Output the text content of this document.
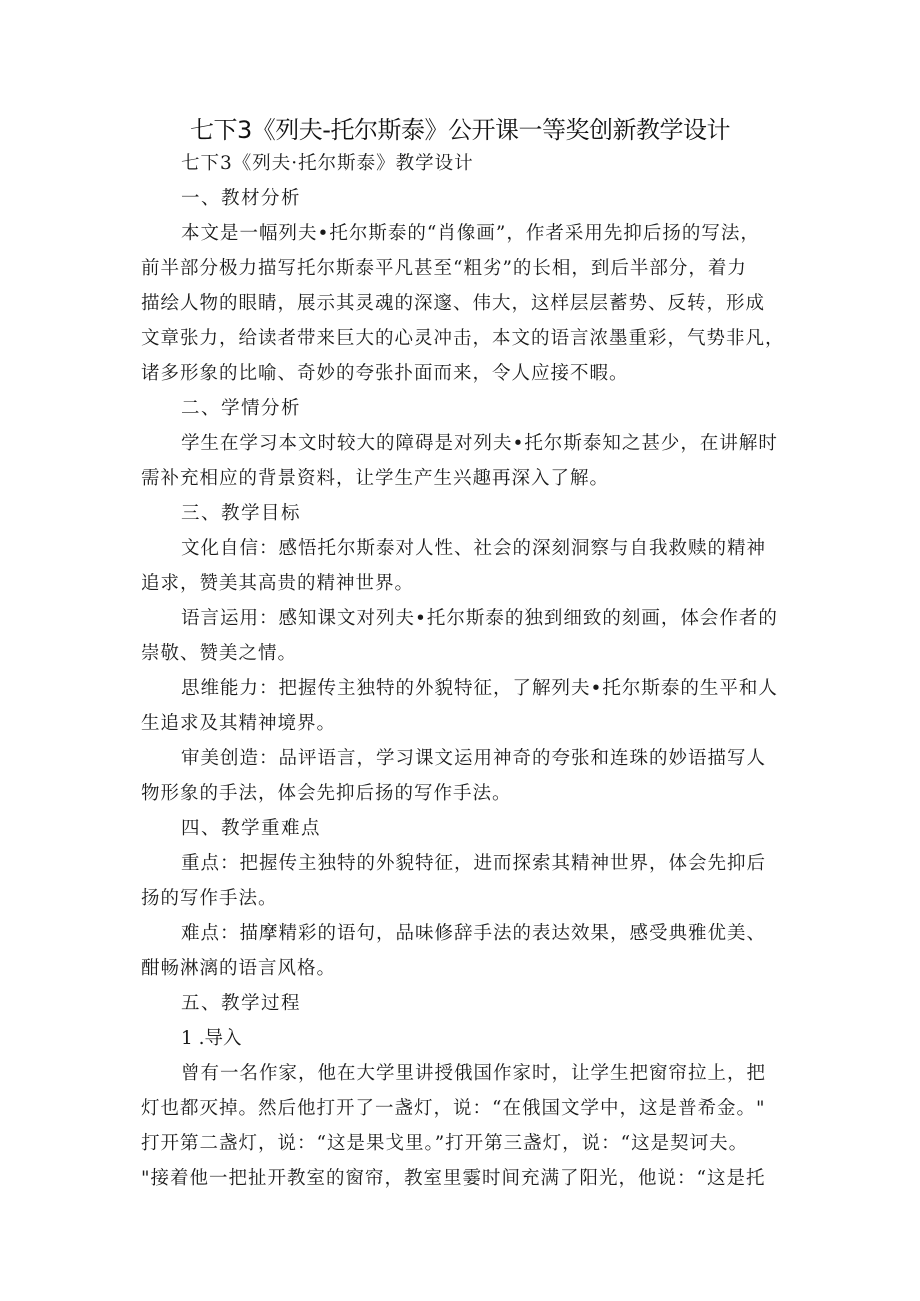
七下3《列夫-托尔斯泰》公开课一等奖创新教学设计
七下3《列夫·托尔斯泰》教学设计
一、教材分析
本文是一幅列夫•托尔斯泰的“肖像画”，作者采用先抑后扬的写法，
前半部分极力描写托尔斯泰平凡甚至“粗劣”的长相，到后半部分，着力
描绘人物的眼睛，展示其灵魂的深邃、伟大，这样层层蓄势、反转，形成
文章张力，给读者带来巨大的心灵冲击，本文的语言浓墨重彩，气势非凡，
诸多形象的比喻、奇妙的夸张扑面而来，令人应接不暇。
二、学情分析
学生在学习本文时较大的障碍是对列夫•托尔斯泰知之甚少，在讲解时
需补充相应的背景资料，让学生产生兴趣再深入了解。
三、教学目标
文化自信：感悟托尔斯泰对人性、社会的深刻洞察与自我救赎的精神
追求，赞美其高贵的精神世界。
语言运用：感知课文对列夫•托尔斯泰的独到细致的刻画，体会作者的
崇敬、赞美之情。
思维能力：把握传主独特的外貌特征，了解列夫•托尔斯泰的生平和人
生追求及其精神境界。
审美创造：品评语言，学习课文运用神奇的夸张和连珠的妙语描写人
物形象的手法，体会先抑后扬的写作手法。
四、教学重难点
重点：把握传主独特的外貌特征，进而探索其精神世界，体会先抑后
扬的写作手法。
难点：描摩精彩的语句，品味修辞手法的表达效果，感受典雅优美、
酣畅淋漓的语言风格。
五、教学过程
1 .导入
曾有一名作家，他在大学里讲授俄国作家时，让学生把窗帘拉上，把
灯也都灭掉。然后他打开了一盏灯，说：“在俄国文学中，这是普希金。"
打开第二盏灯，说：“这是果戈里。”打开第三盏灯，说：“这是契诃夫。
"接着他一把扯开教室的窗帘，教室里霎时间充满了阳光，他说：“这是托
